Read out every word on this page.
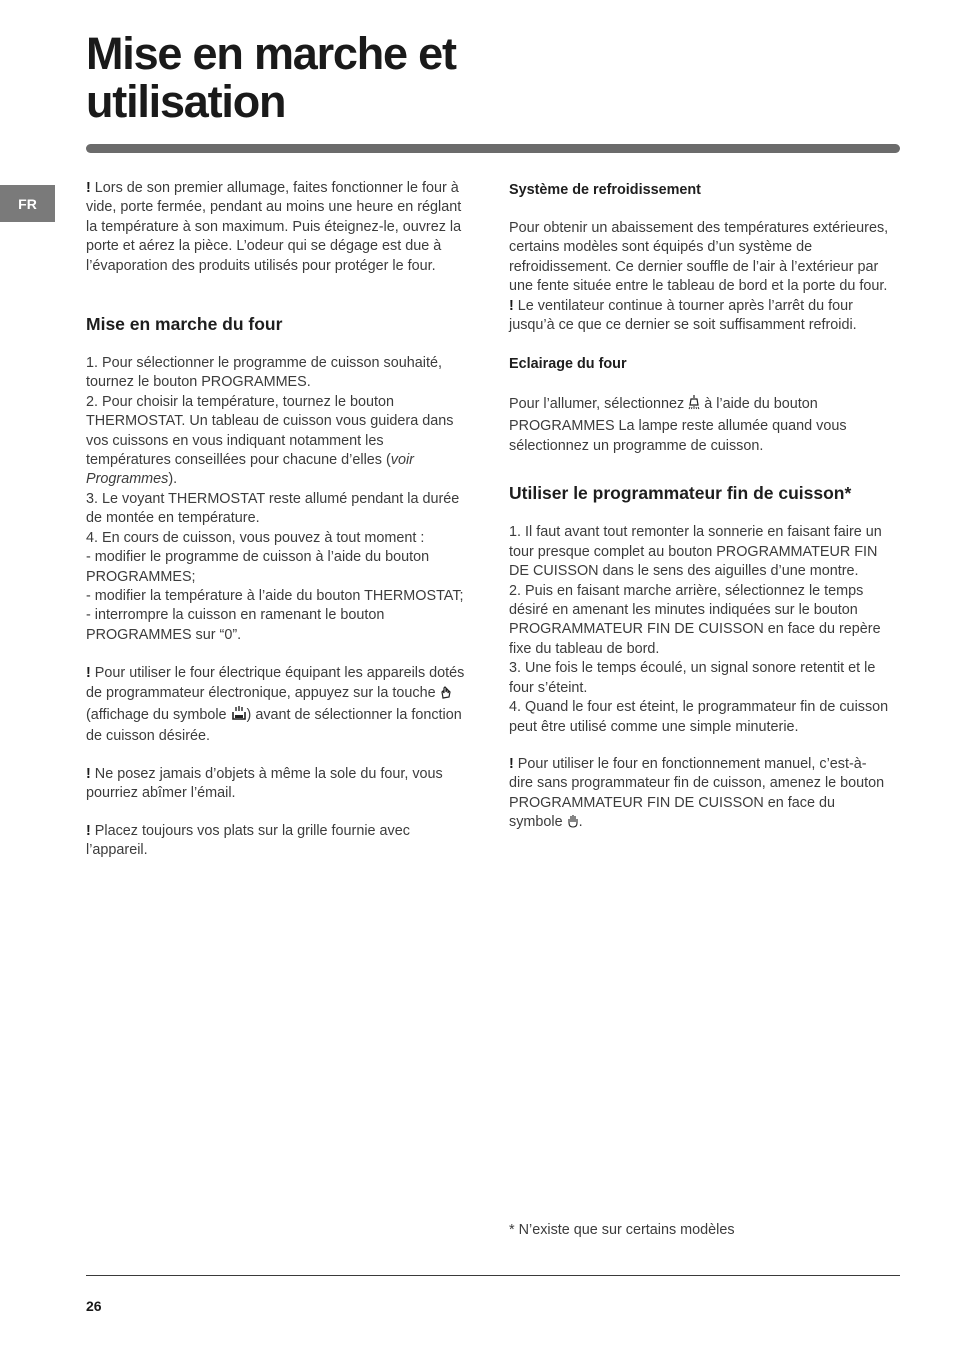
Mise en marche et utilisation
FR

! Lors de son premier allumage, faites fonctionner le four à vide, porte fermée, pendant au moins une heure en réglant la température à son maximum. Puis éteignez-le, ouvrez la porte et aérez la pièce. L’odeur qui se dégage est due à l’évaporation des produits utilisés pour protéger le four.

Mise en marche du four

1. Pour sélectionner le programme de cuisson souhaité, tournez le bouton PROGRAMMES.

2. Pour choisir la température, tournez le bouton THERMOSTAT. Un tableau de cuisson vous guidera dans vos cuissons en vous indiquant notamment les températures conseillées pour chacune d’elles (voir Programmes).

3. Le voyant THERMOSTAT reste allumé pendant la durée de montée en température.

4. En cours de cuisson, vous pouvez à tout moment :

- modifier le programme de cuisson à l’aide du bouton PROGRAMMES;

- modifier la température à l’aide du bouton THERMOSTAT;

- interrompre la cuisson en ramenant le bouton PROGRAMMES sur “0”.

! Pour utiliser le four électrique équipant les appareils dotés de programmateur électronique, appuyez sur la touche  (affichage du symbole ) avant de sélectionner la fonction de cuisson désirée.

! Ne posez jamais d’objets à même la sole du four, vous pourriez abîmer l’émail.

! Placez toujours vos plats sur la grille fournie avec l’appareil.

Système de refroidissement

Pour obtenir un abaissement des températures extérieures, certains modèles sont équipés d’un système de refroidissement. Ce dernier souffle de l’air à l’extérieur par une fente située entre le tableau de bord et la porte du four.

! Le ventilateur continue à tourner après l’arrêt du four jusqu’à ce que ce dernier se soit suffisamment refroidi.

Eclairage du four

Pour l’allumer, sélectionnez à l’aide du bouton PROGRAMMES La lampe reste allumée quand vous sélectionnez un programme de cuisson.

Utiliser le programmateur fin de cuisson*

1. Il faut avant tout remonter la sonnerie en faisant faire un tour presque complet au bouton PROGRAMMATEUR FIN DE CUISSON dans le sens des aiguilles d’une montre.

2. Puis en faisant marche arrière, sélectionnez le temps désiré en amenant les minutes indiquées sur le bouton PROGRAMMATEUR FIN DE CUISSON en face du repère fixe du tableau de bord.

3. Une fois le temps écoulé, un signal sonore retentit et le four s’éteint.

4. Quand le four est éteint, le programmateur fin de cuisson peut être utilisé comme une simple minuterie.

! Pour utiliser le four en fonctionnement manuel, c’est-à-dire sans programmateur fin de cuisson, amenez le bouton PROGRAMMATEUR FIN DE CUISSON en face du symbole .

* N’existe que sur certains modèles
26
